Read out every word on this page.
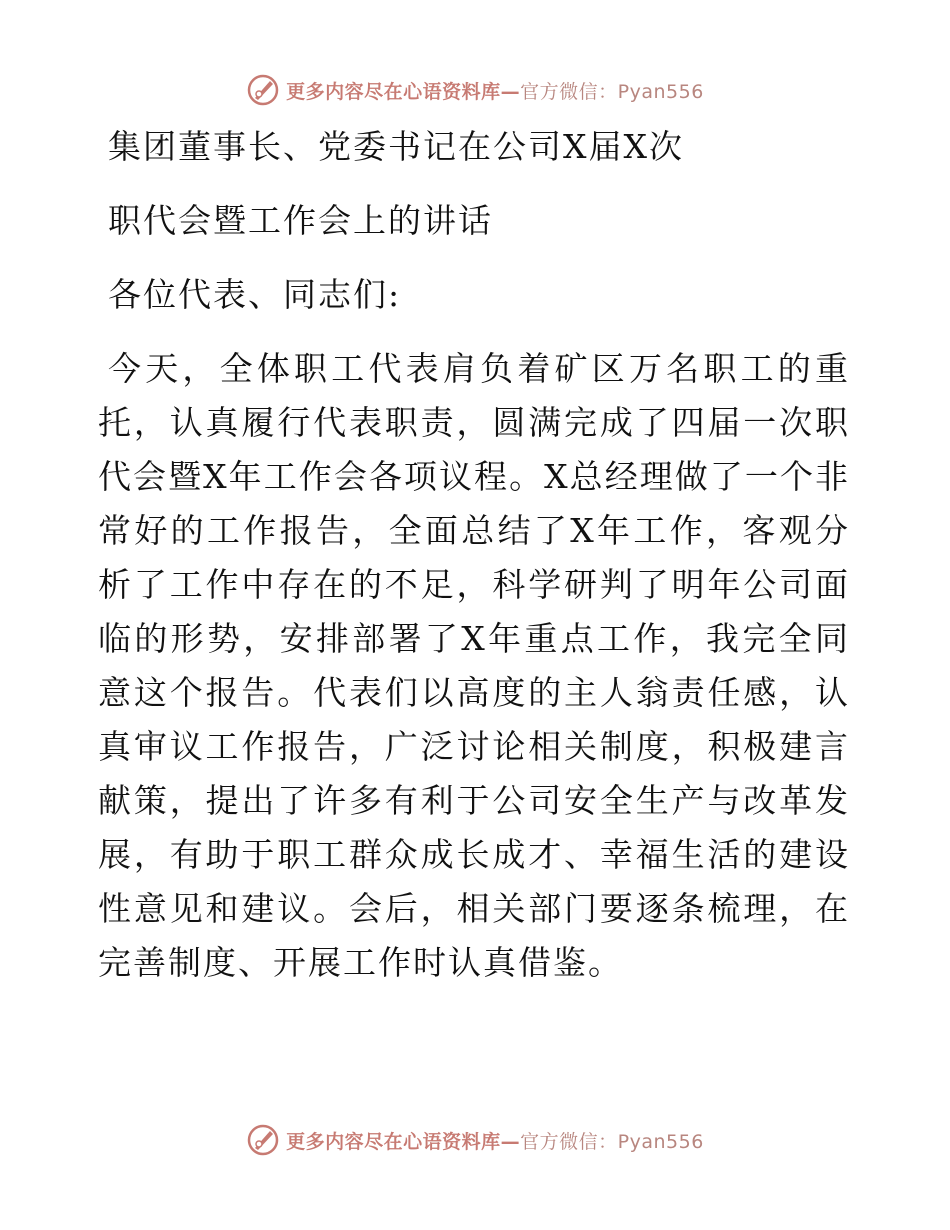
更多内容尽在心语资料库—官方微信：Pyan556

集团董事长、党委书记在公司X届X次

职代会暨工作会上的讲话

各位代表、同志们:

今天，全体职工代表肩负着矿区万名职工的重托，认真履行代表职责，圆满完成了四届一次职代会暨X年工作会各项议程。X总经理做了一个非常好的工作报告，全面总结了X年工作，客观分析了工作中存在的不足，科学研判了明年公司面临的形势，安排部署了X年重点工作，我完全同意这个报告。代表们以高度的主人翁责任感，认真审议工作报告，广泛讨论相关制度，积极建言献策，提出了许多有利于公司安全生产与改革发展，有助于职工群众成长成才、幸福生活的建设性意见和建议。会后，相关部门要逐条梳理，在完善制度、开展工作时认真借鉴。

更多内容尽在心语资料库—官方微信：Pyan556
